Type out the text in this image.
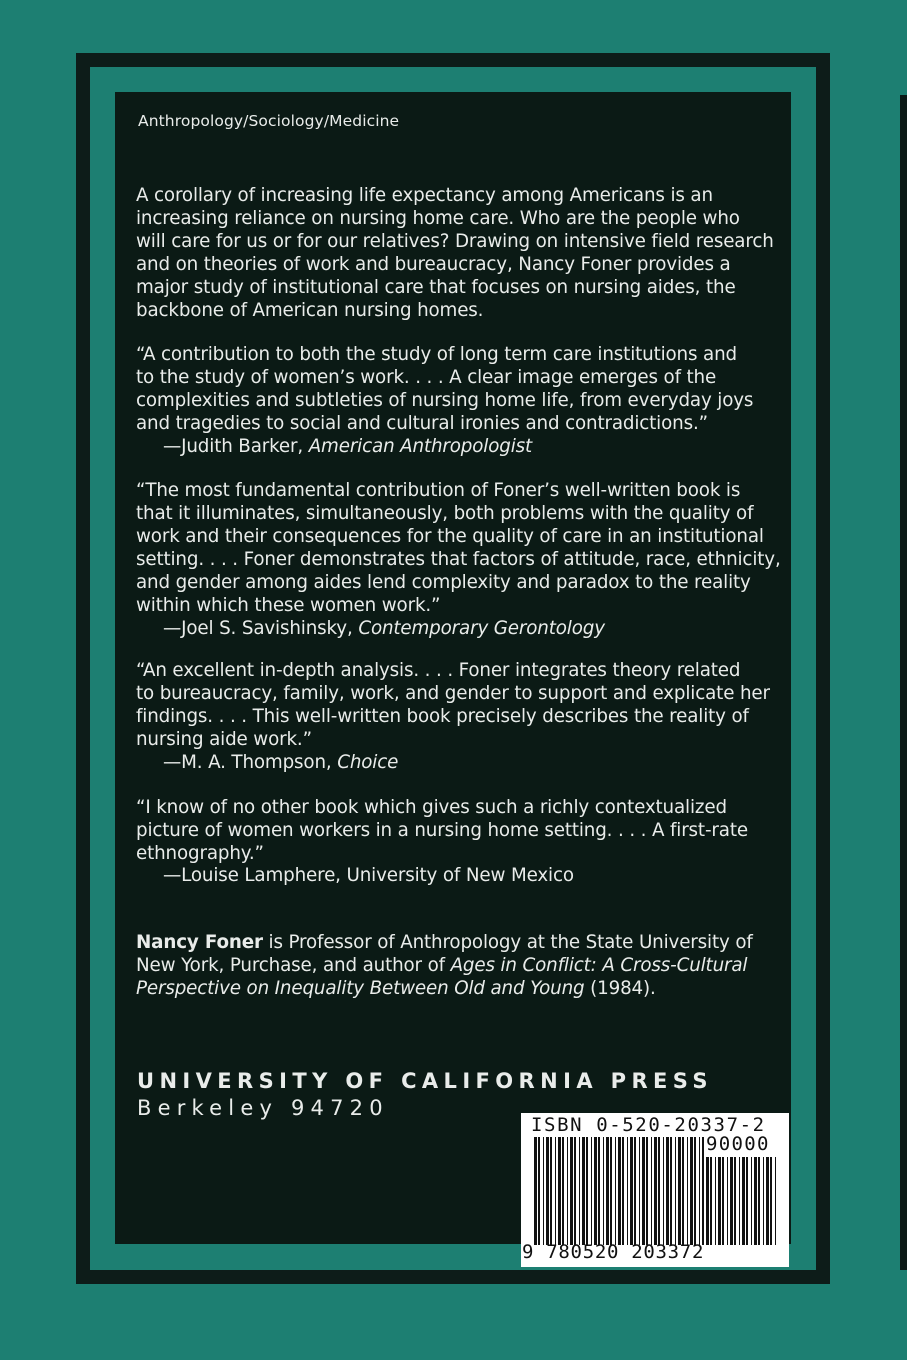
Anthropology/Sociology/Medicine
A corollary of increasing life expectancy among Americans is an
increasing reliance on nursing home care. Who are the people who
will care for us or for our relatives? Drawing on intensive field research
and on theories of work and bureaucracy, Nancy Foner provides a
major study of institutional care that focuses on nursing aides, the
backbone of American nursing homes.
“A contribution to both the study of long term care institutions and
to the study of women’s work. . . . A clear image emerges of the
complexities and subtleties of nursing home life, from everyday joys
and tragedies to social and cultural ironies and contradictions.”
—Judith Barker, American Anthropologist
“The most fundamental contribution of Foner’s well-written book is
that it illuminates, simultaneously, both problems with the quality of
work and their consequences for the quality of care in an institutional
setting. . . . Foner demonstrates that factors of attitude, race, ethnicity,
and gender among aides lend complexity and paradox to the reality
within which these women work.”
—Joel S. Savishinsky, Contemporary Gerontology
“An excellent in-depth analysis. . . . Foner integrates theory related
to bureaucracy, family, work, and gender to support and explicate her
findings. . . . This well-written book precisely describes the reality of
nursing aide work.”
—M. A. Thompson, Choice
“I know of no other book which gives such a richly contextualized
picture of women workers in a nursing home setting. . . . A first-rate
ethnography.”
—Louise Lamphere, University of New Mexico
Nancy Foner is Professor of Anthropology at the State University of
New York, Purchase, and author of Ages in Conflict: A Cross-Cultural
Perspective on Inequality Between Old and Young (1984).
UNIVERSITY OF CALIFORNIA PRESS
Berkeley 94720
ISBN 0-520-20337-2
90000
9 780520 203372
